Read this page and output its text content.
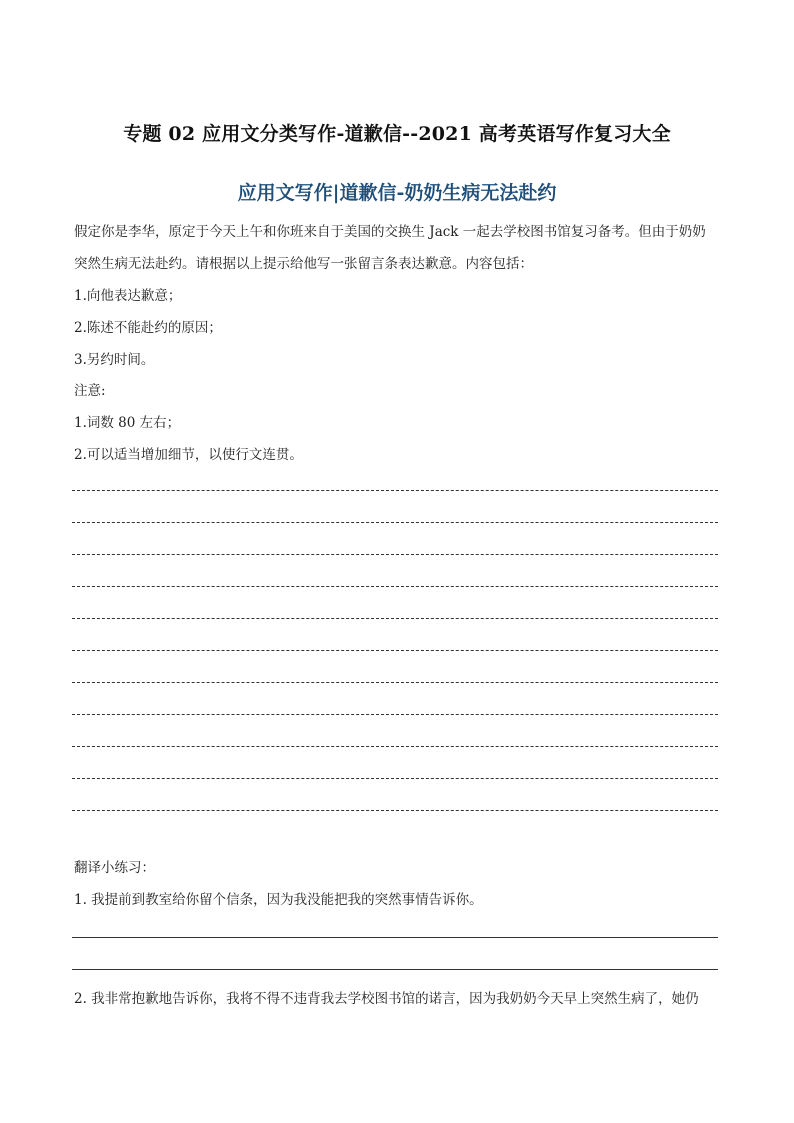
专题 02 应用文分类写作-道歉信--2021 高考英语写作复习大全
应用文写作|道歉信-奶奶生病无法赴约
假定你是李华，原定于今天上午和你班来自于美国的交换生 Jack 一起去学校图书馆复习备考。但由于奶奶
突然生病无法赴约。请根据以上提示给他写一张留言条表达歉意。内容包括：
1.向他表达歉意；
2.陈述不能赴约的原因；
3.另约时间。
注意:
1.词数 80 左右；
2.可以适当增加细节，以使行文连贯。
翻译小练习：
1. 我提前到教室给你留个信条，因为我没能把我的突然事情告诉你。
2. 我非常抱歉地告诉你，我将不得不违背我去学校图书馆的诺言，因为我奶奶今天早上突然生病了，她仍
